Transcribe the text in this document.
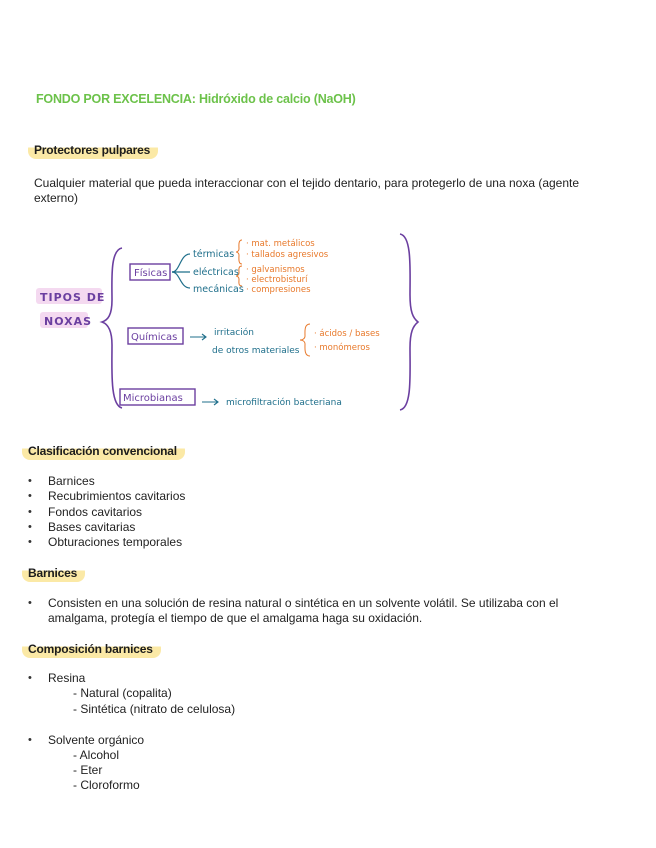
FONDO POR EXCELENCIA: Hidróxido de calcio (NaOH)
Protectores pulpares
Cualquier material que pueda interaccionar con el tejido dentario, para protegerlo de una noxa (agente externo)
TIPOS DE
NOXAS
Físicas
térmicas
eléctricas
mecánicas
· mat. metálicos
· tallados agresivos
· galvanismos
· electrobisturí
· compresiones
Químicas	irritación
de otros materiales
· ácidos / bases
· monómeros
Microbianas	microfiltración bacteriana
Clasificación convencional
• Barnices
• Recubrimientos cavitarios
• Fondos cavitarios
• Bases cavitarias
• Obturaciones temporales
Barnices
• Consisten en una solución de resina natural o sintética en un solvente volátil. Se utilizaba con el amalgama, protegía el tiempo de que el amalgama haga su oxidación.
Composición barnices
• Resina
- Natural (copalita)
- Sintética (nitrato de celulosa)
• Solvente orgánico
- Alcohol
- Eter
- Cloroformo
